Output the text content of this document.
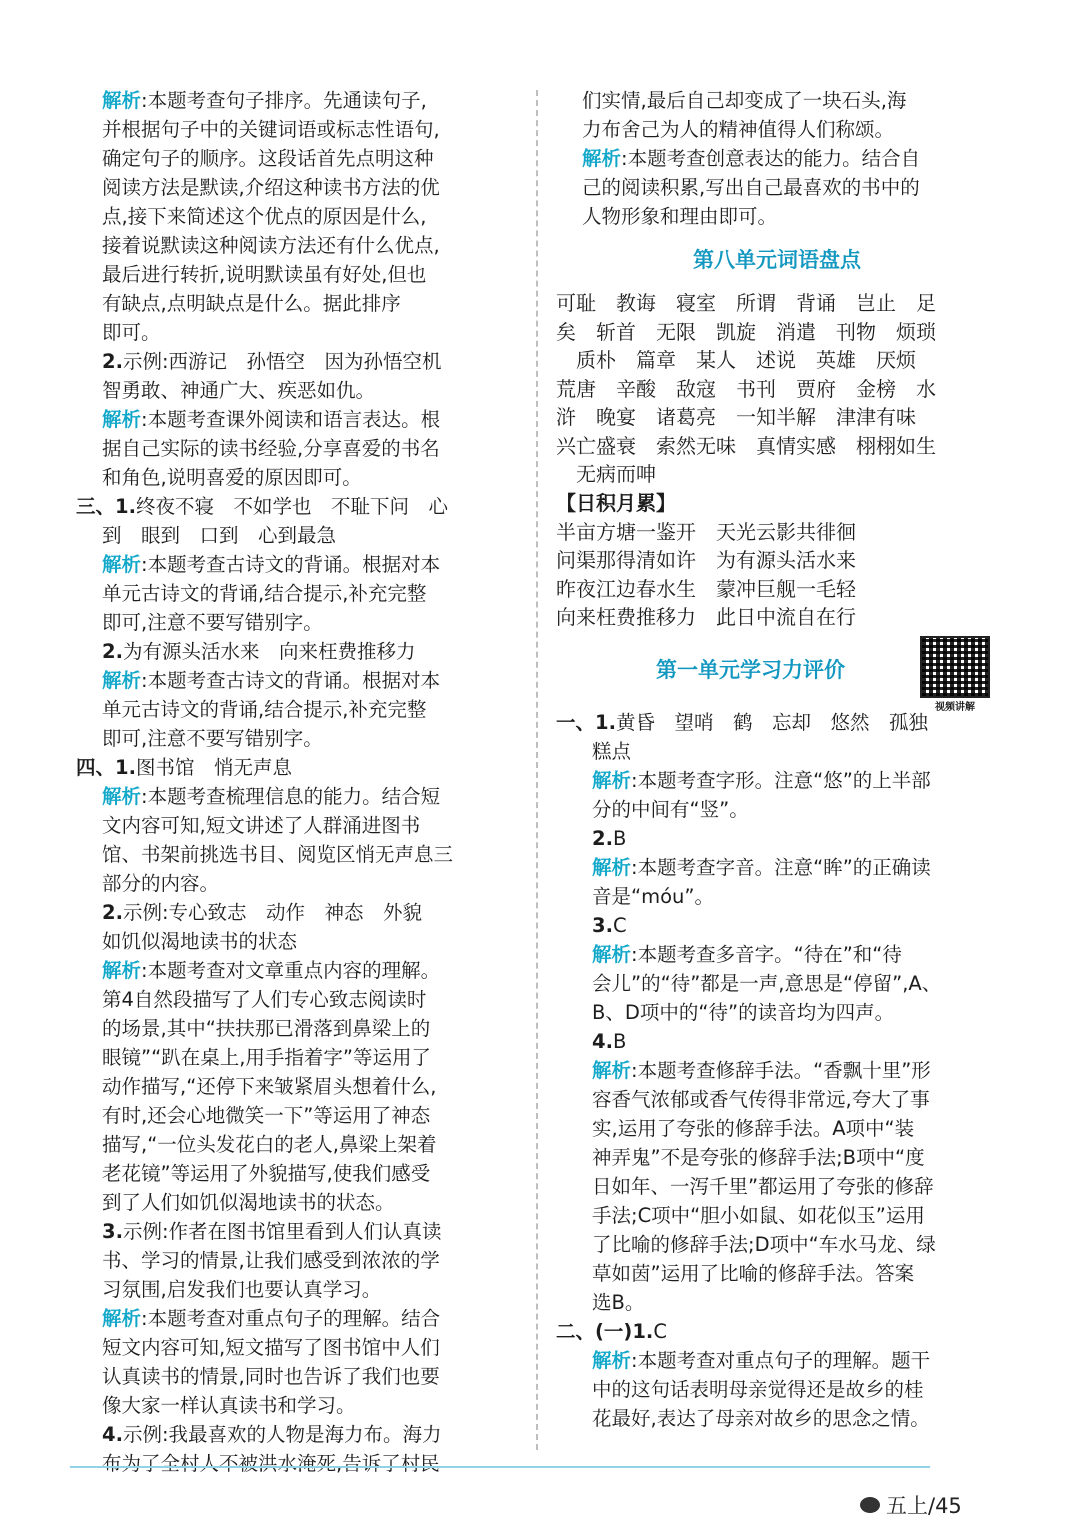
解析:本题考查句子排序。先通读句子,
并根据句子中的关键词语或标志性语句,
确定句子的顺序。这段话首先点明这种
阅读方法是默读,介绍这种读书方法的优
点,接下来简述这个优点的原因是什么,
接着说默读这种阅读方法还有什么优点,
最后进行转折,说明默读虽有好处,但也
有缺点,点明缺点是什么。据此排序
即可。
2.示例:西游记　孙悟空　因为孙悟空机
智勇敢、神通广大、疾恶如仇。
解析:本题考查课外阅读和语言表达。根
据自己实际的读书经验,分享喜爱的书名
和角色,说明喜爱的原因即可。
三、1.终夜不寝　不如学也　不耻下问　心
到　眼到　口到　心到最急
解析:本题考查古诗文的背诵。根据对本
单元古诗文的背诵,结合提示,补充完整
即可,注意不要写错别字。
2.为有源头活水来　向来枉费推移力
解析:本题考查古诗文的背诵。根据对本
单元古诗文的背诵,结合提示,补充完整
即可,注意不要写错别字。
四、1.图书馆　悄无声息
解析:本题考查梳理信息的能力。结合短
文内容可知,短文讲述了人群涌进图书
馆、书架前挑选书目、阅览区悄无声息三
部分的内容。
2.示例:专心致志　动作　神态　外貌
如饥似渴地读书的状态
解析:本题考查对文章重点内容的理解。
第4自然段描写了人们专心致志阅读时
的场景,其中“扶扶那已滑落到鼻梁上的
眼镜”“趴在桌上,用手指着字”等运用了
动作描写,“还停下来皱紧眉头想着什么,
有时,还会心地微笑一下”等运用了神态
描写,“一位头发花白的老人,鼻梁上架着
老花镜”等运用了外貌描写,使我们感受
到了人们如饥似渴地读书的状态。
3.示例:作者在图书馆里看到人们认真读
书、学习的情景,让我们感受到浓浓的学
习氛围,启发我们也要认真学习。
解析:本题考查对重点句子的理解。结合
短文内容可知,短文描写了图书馆中人们
认真读书的情景,同时也告诉了我们也要
像大家一样认真读书和学习。
4.示例:我最喜欢的人物是海力布。海力
布为了全村人不被洪水淹死,告诉了村民
们实情,最后自己却变成了一块石头,海
力布舍己为人的精神值得人们称颂。
解析:本题考查创意表达的能力。结合自
己的阅读积累,写出自己最喜欢的书中的
人物形象和理由即可。
第八单元词语盘点
可耻　教诲　寝室　所谓　背诵　岂止　足
矣　斩首　无限　凯旋　消遣　刊物　烦琐
　质朴　篇章　某人　述说　英雄　厌烦
荒唐　辛酸　敌寇　书刊　贾府　金榜　水
浒　晚宴　诸葛亮　一知半解　津津有味
兴亡盛衰　索然无味　真情实感　栩栩如生
　无病而呻
【日积月累】
半亩方塘一鉴开　天光云影共徘徊
问渠那得清如许　为有源头活水来
昨夜江边春水生　蒙冲巨舰一毛轻
向来枉费推移力　此日中流自在行
第一单元学习力评价
视频讲解
一、1.黄昏　望哨　鹤　忘却　悠然　孤独
糕点
解析:本题考查字形。注意“悠”的上半部
分的中间有“竖”。
2.B
解析:本题考查字音。注意“眸”的正确读
音是“móu”。
3.C
解析:本题考查多音字。“待在”和“待
会儿”的“待”都是一声,意思是“停留”,A、
B、D项中的“待”的读音均为四声。
4.B
解析:本题考查修辞手法。“香飘十里”形
容香气浓郁或香气传得非常远,夸大了事
实,运用了夸张的修辞手法。A项中“装
神弄鬼”不是夸张的修辞手法;B项中“度
日如年、一泻千里”都运用了夸张的修辞
手法;C项中“胆小如鼠、如花似玉”运用
了比喻的修辞手法;D项中“车水马龙、绿
草如茵”运用了比喻的修辞手法。答案
选B。
二、(一)1.C
解析:本题考查对重点句子的理解。题干
中的这句话表明母亲觉得还是故乡的桂
花最好,表达了母亲对故乡的思念之情。
五上/45
